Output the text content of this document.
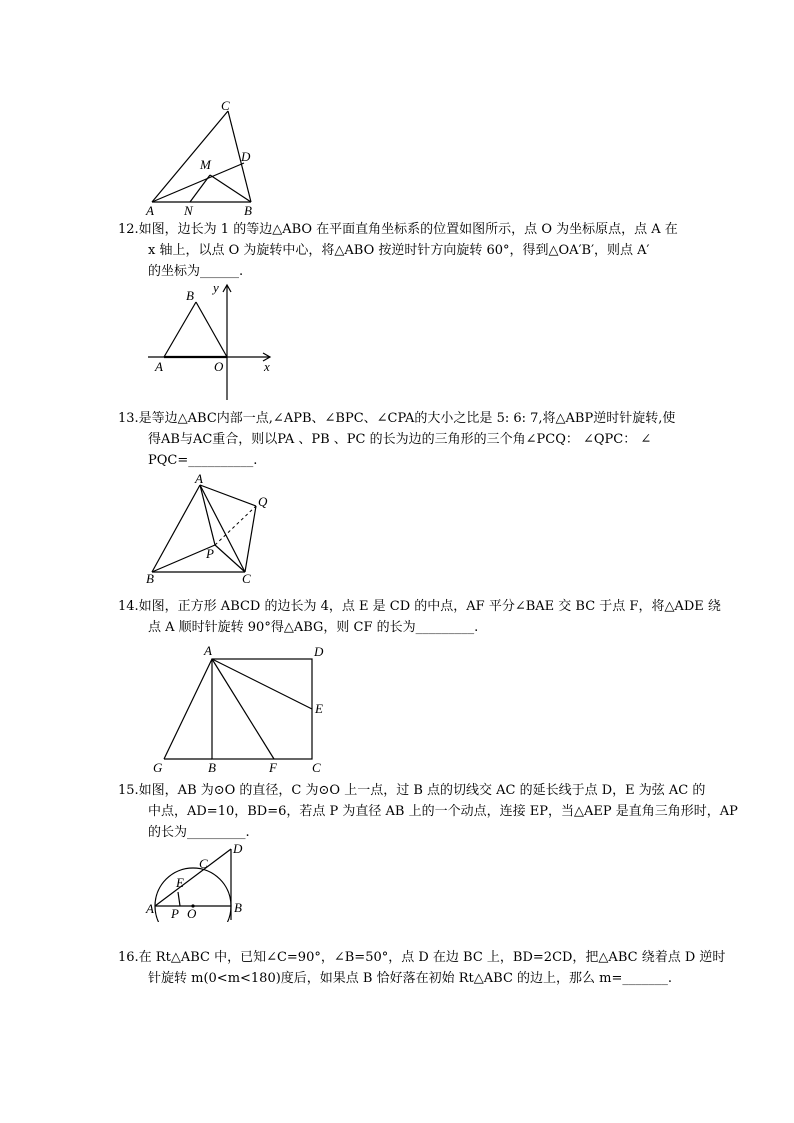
C
D
M
A N	B
12.如图，边长为 1 的等边△ABO 在平面直角坐标系的位置如图所示，点 O 为坐标原点，点 A 在
x 轴上，以点 O 为旋转中心，将△ABO 按逆时针方向旋转 60°，得到△OA′B′，则点 A′
的坐标为______.
y
B
A	O	x
13.是等边△ABC内部一点,∠APB、∠BPC、∠CPA的大小之比是 5: 6: 7,将△ABP逆时针旋转,使
得AB与AC重合，则以PA 、PB 、PC 的长为边的三角形的三个角∠PCQ： ∠QPC： ∠
PQC=__________.
A
Q
P
B	C
14.如图，正方形 ABCD 的边长为 4，点 E 是 CD 的中点，AF 平分∠BAE 交 BC 于点 F，将△ADE 绕
点 A 顺时针旋转 90°得△ABG，则 CF 的长为_________.
A	D
E
G	B	F	C
15.如图，AB 为⊙O 的直径，C 为⊙O 上一点，过 B 点的切线交 AC 的延长线于点 D，E 为弦 AC 的
中点，AD=10，BD=6，若点 P 为直径 AB 上的一个动点，连接 EP，当△AEP 是直角三角形时，AP
的长为_________.
D
C
E
A P O	B
16.在 Rt△ABC 中，已知∠C=90°，∠B=50°，点 D 在边 BC 上，BD=2CD，把△ABC 绕着点 D 逆时
针旋转 m(0<m<180)度后，如果点 B 恰好落在初始 Rt△ABC 的边上，那么 m=_______.
